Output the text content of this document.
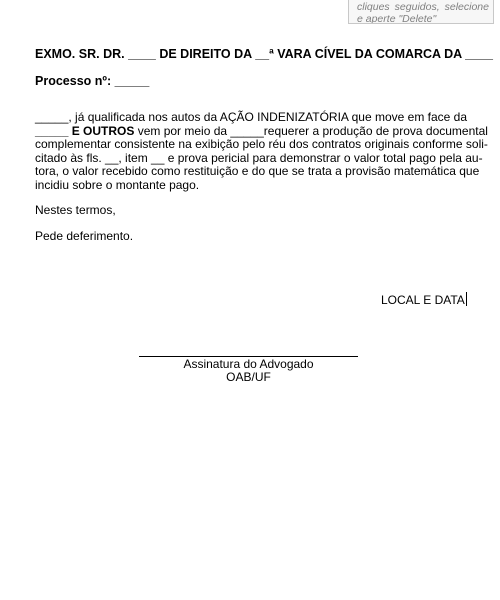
cliques seguidos, selecione e aperte "Delete"
EXMO. SR. DR. ____ DE DIREITO DA __ª VARA CÍVEL DA COMARCA DA ____
Processo nº: _____
_____, já qualificada nos autos da AÇÃO INDENIZATÓRIA que move em face da
_____ E OUTROS vem por meio da _____requerer a produção de prova documental
complementar consistente na exibição pelo réu dos contratos originais conforme soli-
citado às fls. __, item __ e prova pericial para demonstrar o valor total pago pela au-
tora, o valor recebido como restituição e do que se trata a provisão matemática que
incidiu sobre o montante pago.
Nestes termos,
Pede deferimento.
LOCAL E DATA
Assinatura do Advogado
OAB/UF
